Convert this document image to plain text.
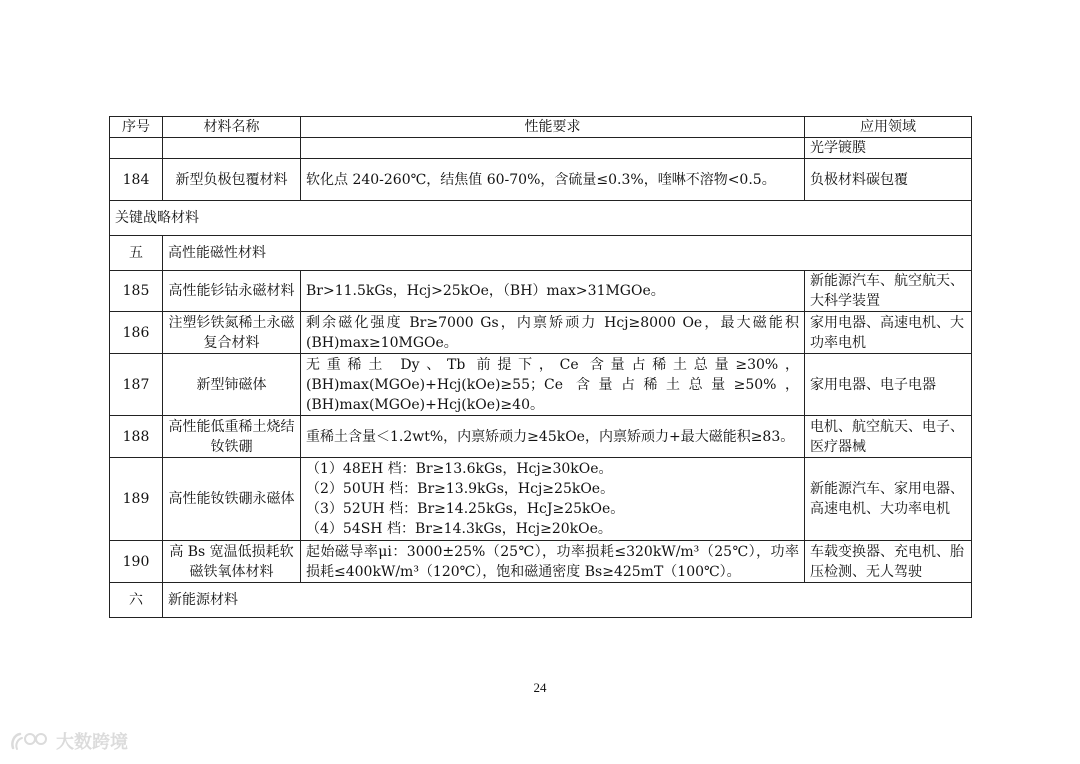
序号	材料名称	性能要求	应用领域
			光学镀膜
184	新型负极包覆材料	软化点 240-260℃，结焦值 60-70%，含硫量≤0.3%，喹啉不溶物<0.5。	负极材料碳包覆
关键战略材料			
五	高性能磁性材料		
185	高性能钐钴永磁材料	Br>11.5kGs，Hcj>25kOe，（BH）max>31MGOe。	新能源汽车、航空航天、大科学装置
186	注塑钐铁氮稀土永磁复合材料	剩余磁化强度 Br≥7000 Gs，内禀矫顽力 Hcj≥8000 Oe，最大磁能积(BH)max≥10MGOe。	家用电器、高速电机、大功率电机
187	新型铈磁体	无重稀土 Dy、Tb 前提下，Ce 含量占稀土总量≥30%，(BH)max(MGOe)+Hcj(kOe)≥55；Ce 含量占稀土总量≥50%，(BH)max(MGOe)+Hcj(kOe)≥40。	家用电器、电子电器
188	高性能低重稀土烧结钕铁硼	重稀土含量＜1.2wt%，内禀矫顽力≥45kOe，内禀矫顽力+最大磁能积≥83。	电机、航空航天、电子、医疗器械
189	高性能钕铁硼永磁体	（1）48EH 档：Br≥13.6kGs，Hcj≥30kOe。
（2）50UH 档：Br≥13.9kGs，Hcj≥25kOe。
（3）52UH 档：Br≥14.25kGs，HcJ≥25kOe。
（4）54SH 档：Br≥14.3kGs，Hcj≥20kOe。	新能源汽车、家用电器、高速电机、大功率电机
190	高 Bs 宽温低损耗软磁铁氧体材料	起始磁导率μi：3000±25%（25℃），功率损耗≤320kW/m³（25℃），功率损耗≤400kW/m³（120℃），饱和磁通密度 Bs≥425mT（100℃）。	车载变换器、充电机、胎压检测、无人驾驶
六	新能源材料		
24
大数跨境
